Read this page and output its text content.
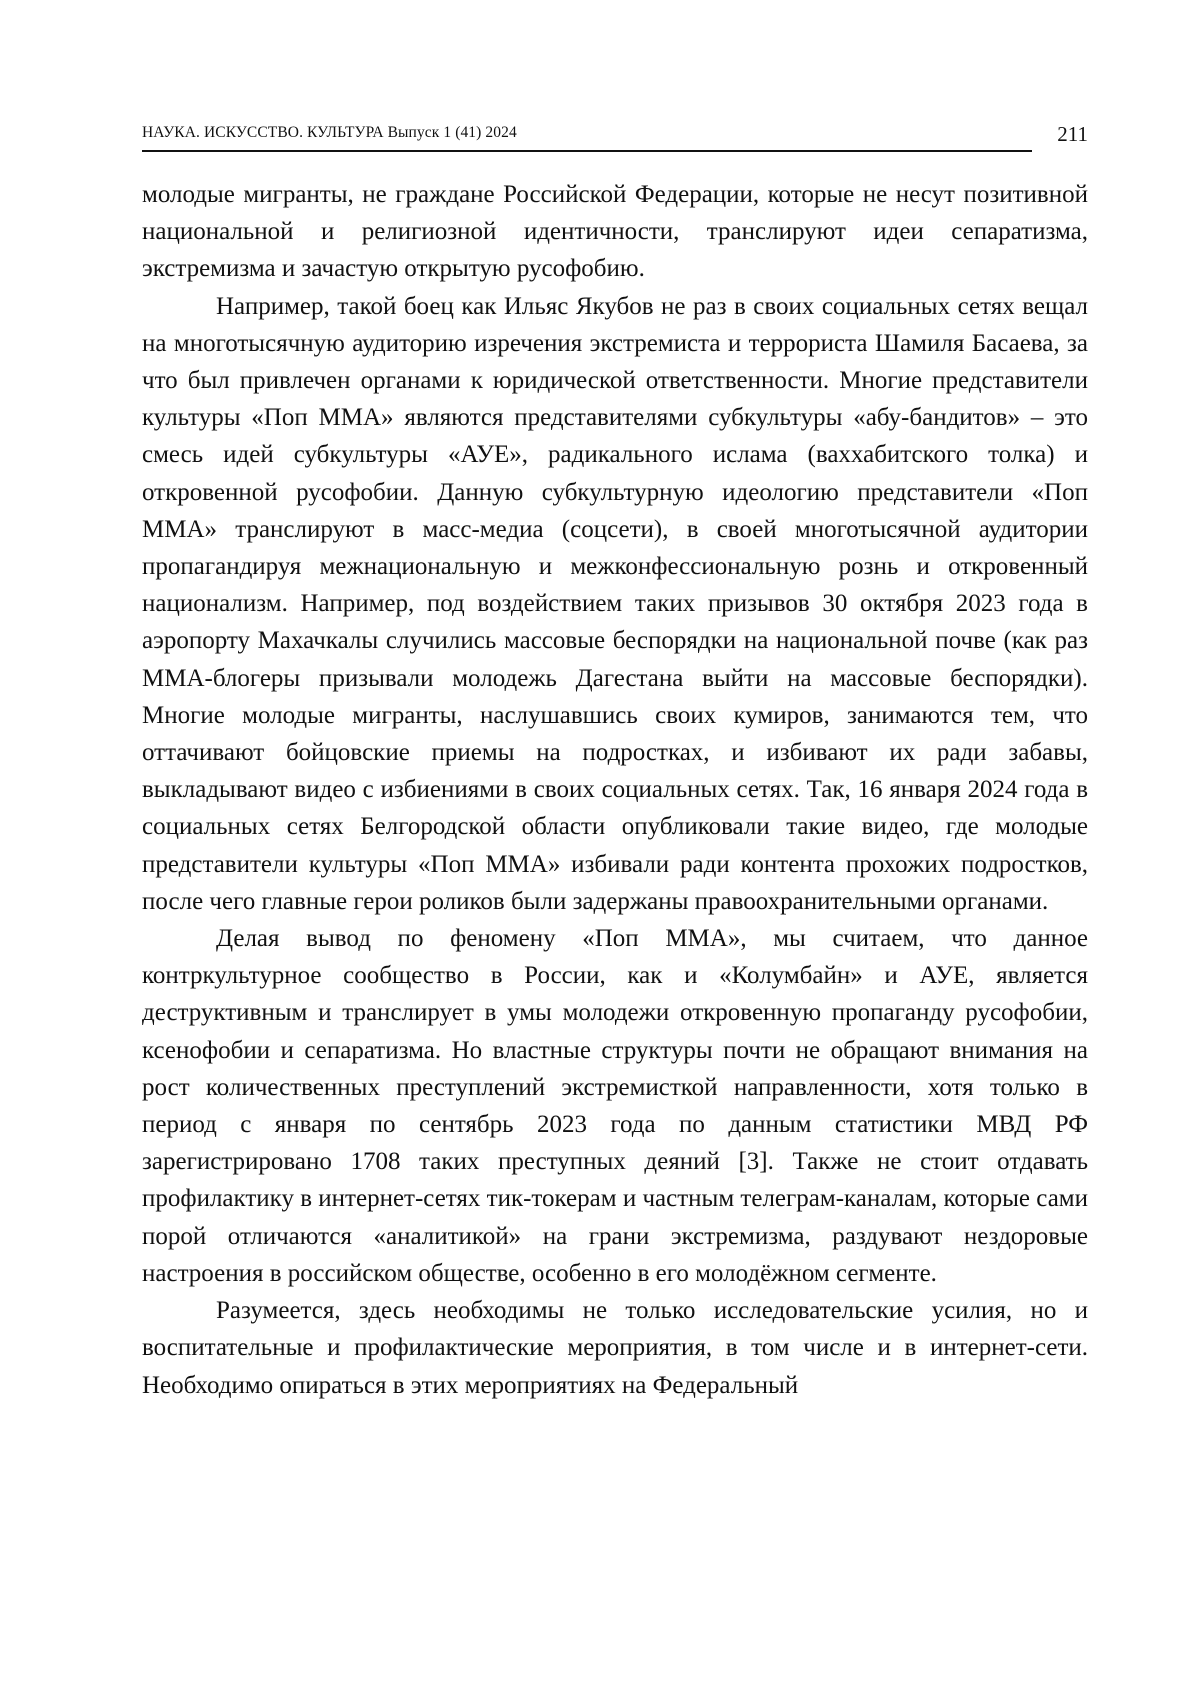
НАУКА. ИСКУССТВО. КУЛЬТУРА Выпуск 1 (41) 2024	211

молодые мигранты, не граждане Российской Федерации, которые не несут позитивной национальной и религиозной идентичности, транслируют идеи сепаратизма, экстремизма и зачастую открытую русофобию.

Например, такой боец как Ильяс Якубов не раз в своих социальных сетях вещал на многотысячную аудиторию изречения экстремиста и террориста Шамиля Басаева, за что был привлечен органами к юридической ответственности. Многие представители культуры «Поп ММА» являются представителями субкультуры «абу-бандитов» – это смесь идей субкультуры «АУЕ», радикального ислама (ваххабитского толка) и откровенной русофобии. Данную субкультурную идеологию представители «Поп ММА» транслируют в масс-медиа (соцсети), в своей многотысячной аудитории пропагандируя межнациональную и межконфессиональную рознь и откровенный национализм. Например, под воздействием таких призывов 30 октября 2023 года в аэропорту Махачкалы случились массовые беспорядки на национальной почве (как раз ММА-блогеры призывали молодежь Дагестана выйти на массовые беспорядки). Многие молодые мигранты, наслушавшись своих кумиров, занимаются тем, что оттачивают бойцовские приемы на подростках, и избивают их ради забавы, выкладывают видео с избиениями в своих социальных сетях. Так, 16 января 2024 года в социальных сетях Белгородской области опубликовали такие видео, где молодые представители культуры «Поп ММА» избивали ради контента прохожих подростков, после чего главные герои роликов были задержаны правоохранительными органами.

Делая вывод по феномену «Поп ММА», мы считаем, что данное контркультурное сообщество в России, как и «Колумбайн» и АУЕ, является деструктивным и транслирует в умы молодежи откровенную пропаганду русофобии, ксенофобии и сепаратизма. Но властные структуры почти не обращают внимания на рост количественных преступлений экстремисткой направленности, хотя только в период с января по сентябрь 2023 года по данным статистики МВД РФ зарегистрировано 1708 таких преступных деяний [3]. Также не стоит отдавать профилактику в интернет-сетях тик-токерам и частным телеграм-каналам, которые сами порой отличаются «аналитикой» на грани экстремизма, раздувают нездоровые настроения в российском обществе, особенно в его молодёжном сегменте.

Разумеется, здесь необходимы не только исследовательские усилия, но и воспитательные и профилактические мероприятия, в том числе и в интернет-сети. Необходимо опираться в этих мероприятиях на Федеральный
